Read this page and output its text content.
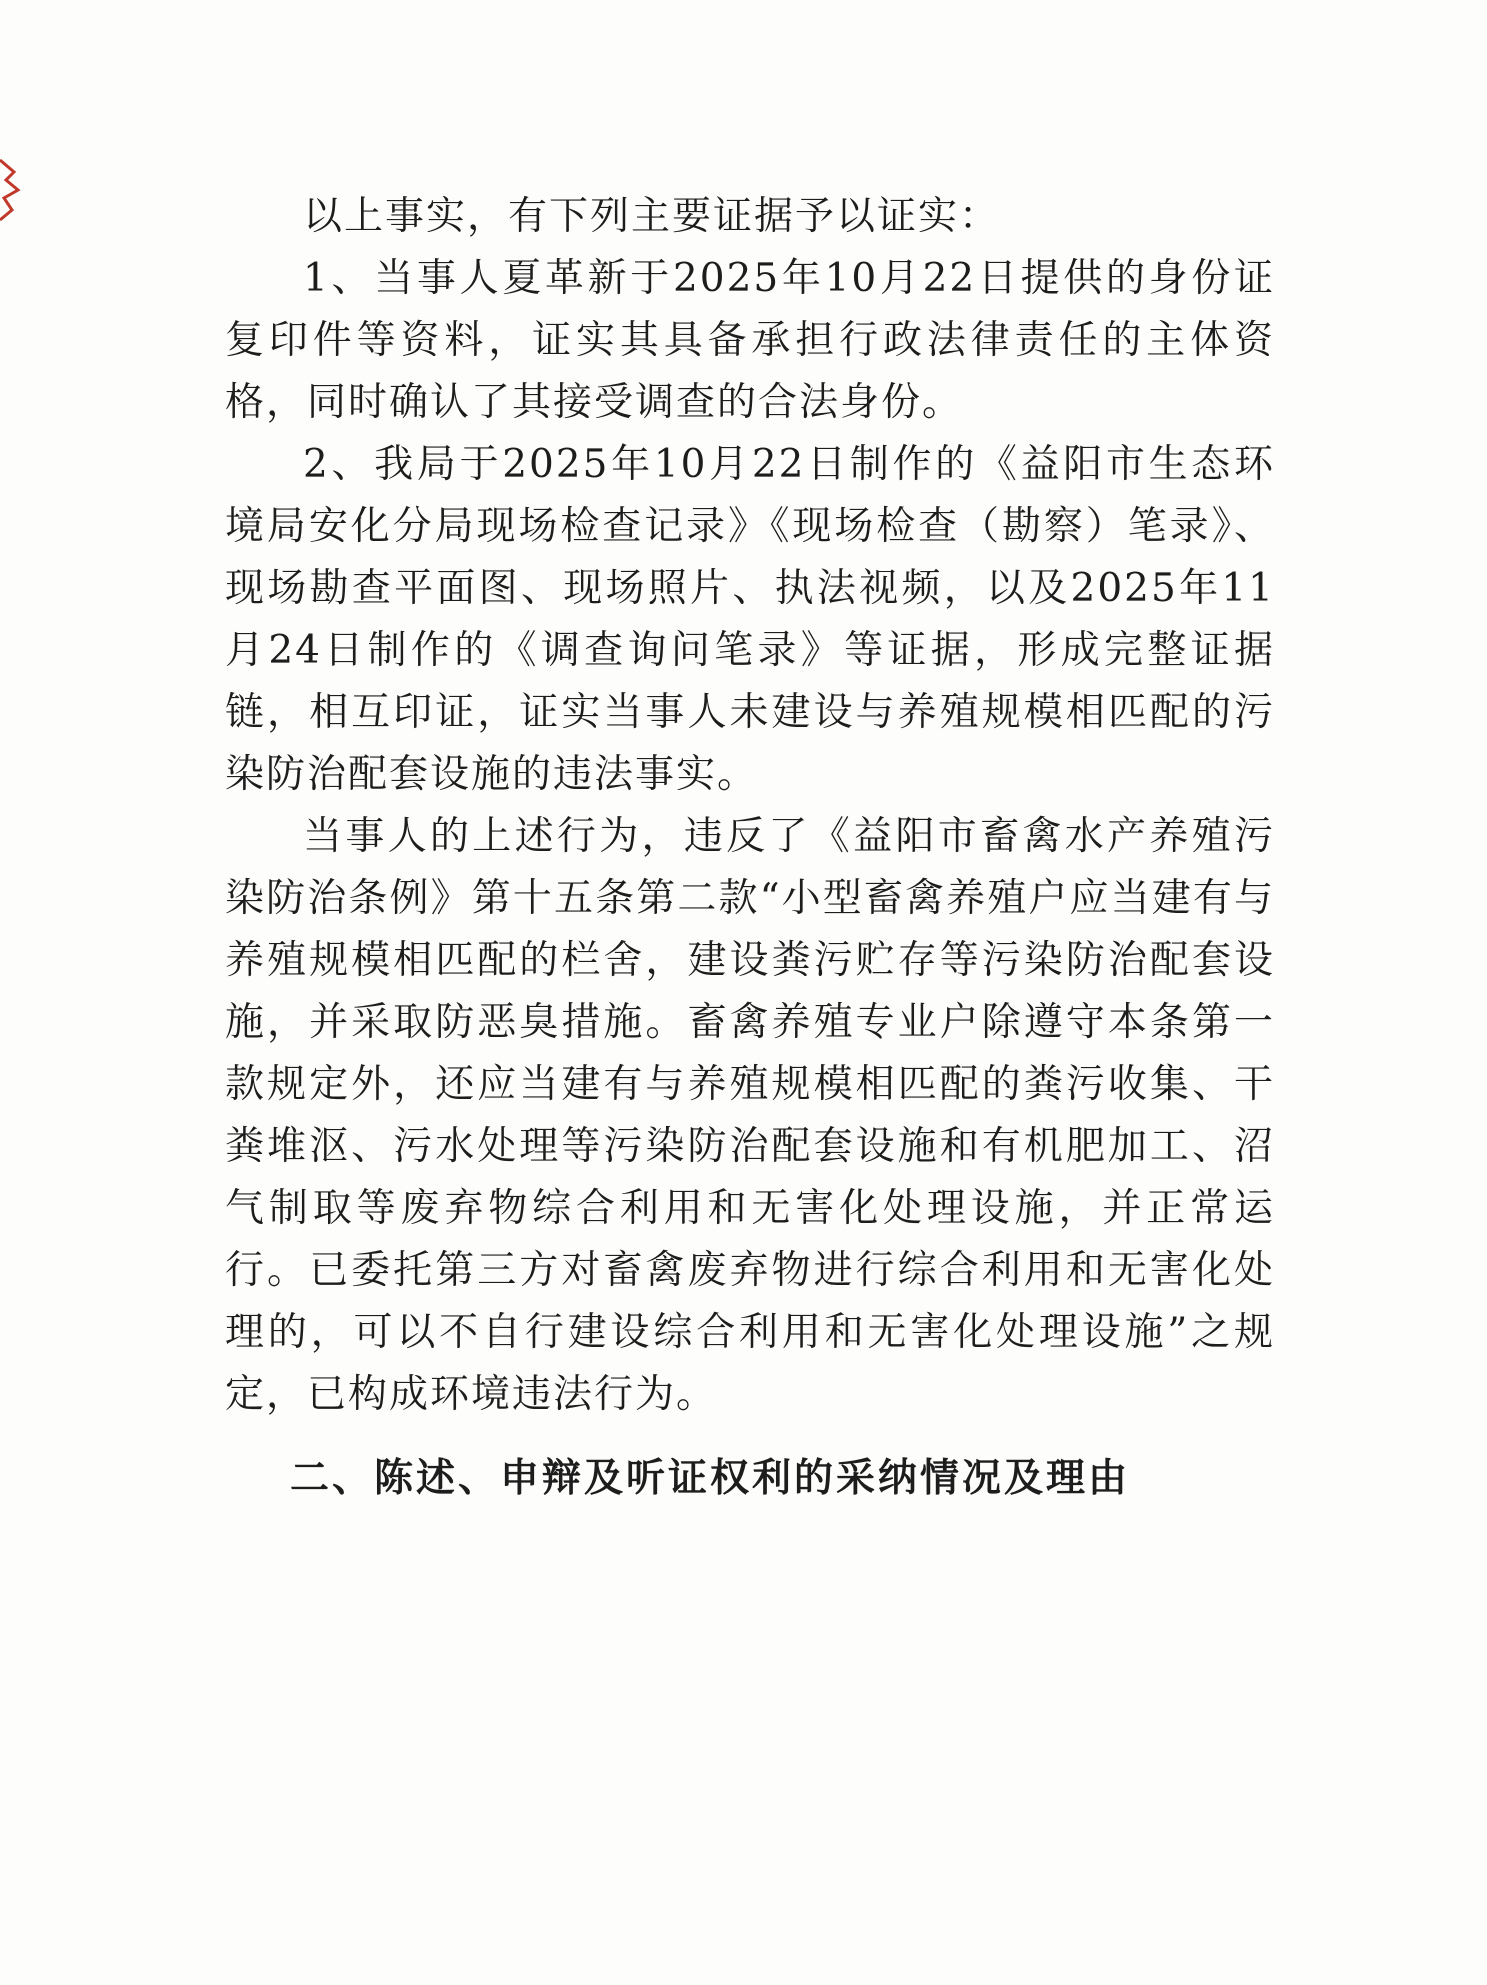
以上事实，有下列主要证据予以证实：

1、当事人夏革新于2025年10月22日提供的身份证复印件等资料，证实其具备承担行政法律责任的主体资格，同时确认了其接受调查的合法身份。

2、我局于2025年10月22日制作的《益阳市生态环境局安化分局现场检查记录》《现场检查（勘察）笔录》、现场勘查平面图、现场照片、执法视频，以及2025年11月24日制作的《调查询问笔录》等证据，形成完整证据链，相互印证，证实当事人未建设与养殖规模相匹配的污染防治配套设施的违法事实。

当事人的上述行为，违反了《益阳市畜禽水产养殖污染防治条例》第十五条第二款“小型畜禽养殖户应当建有与养殖规模相匹配的栏舍，建设粪污贮存等污染防治配套设施，并采取防恶臭措施。畜禽养殖专业户除遵守本条第一款规定外，还应当建有与养殖规模相匹配的粪污收集、干粪堆沤、污水处理等污染防治配套设施和有机肥加工、沼气制取等废弃物综合利用和无害化处理设施，并正常运行。已委托第三方对畜禽废弃物进行综合利用和无害化处理的，可以不自行建设综合利用和无害化处理设施”之规定，已构成环境违法行为。

二、陈述、申辩及听证权利的采纳情况及理由
